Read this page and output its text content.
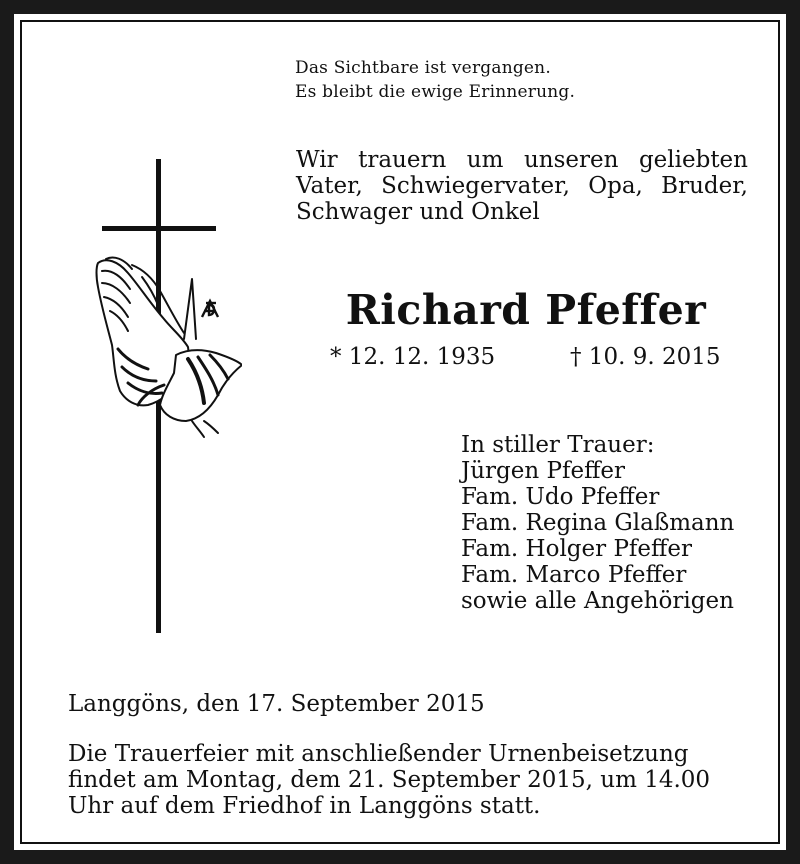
Das Sichtbare ist vergangen.
Es bleibt die ewige Erinnerung.
Wir trauern um unseren geliebten
Vater, Schwiegervater, Opa, Bruder,
Schwager und Onkel
Richard Pfeffer
* 12. 12. 1935	† 10. 9. 2015
In stiller Trauer:
Jürgen Pfeffer
Fam. Udo Pfeffer
Fam. Regina Glaßmann
Fam. Holger Pfeffer
Fam. Marco Pfeffer
sowie alle Angehörigen
Langgöns, den 17. September 2015
Die Trauerfeier mit anschließender Urnenbeisetzung
findet am Montag, dem 21. September 2015, um 14.00
Uhr auf dem Friedhof in Langgöns statt.
